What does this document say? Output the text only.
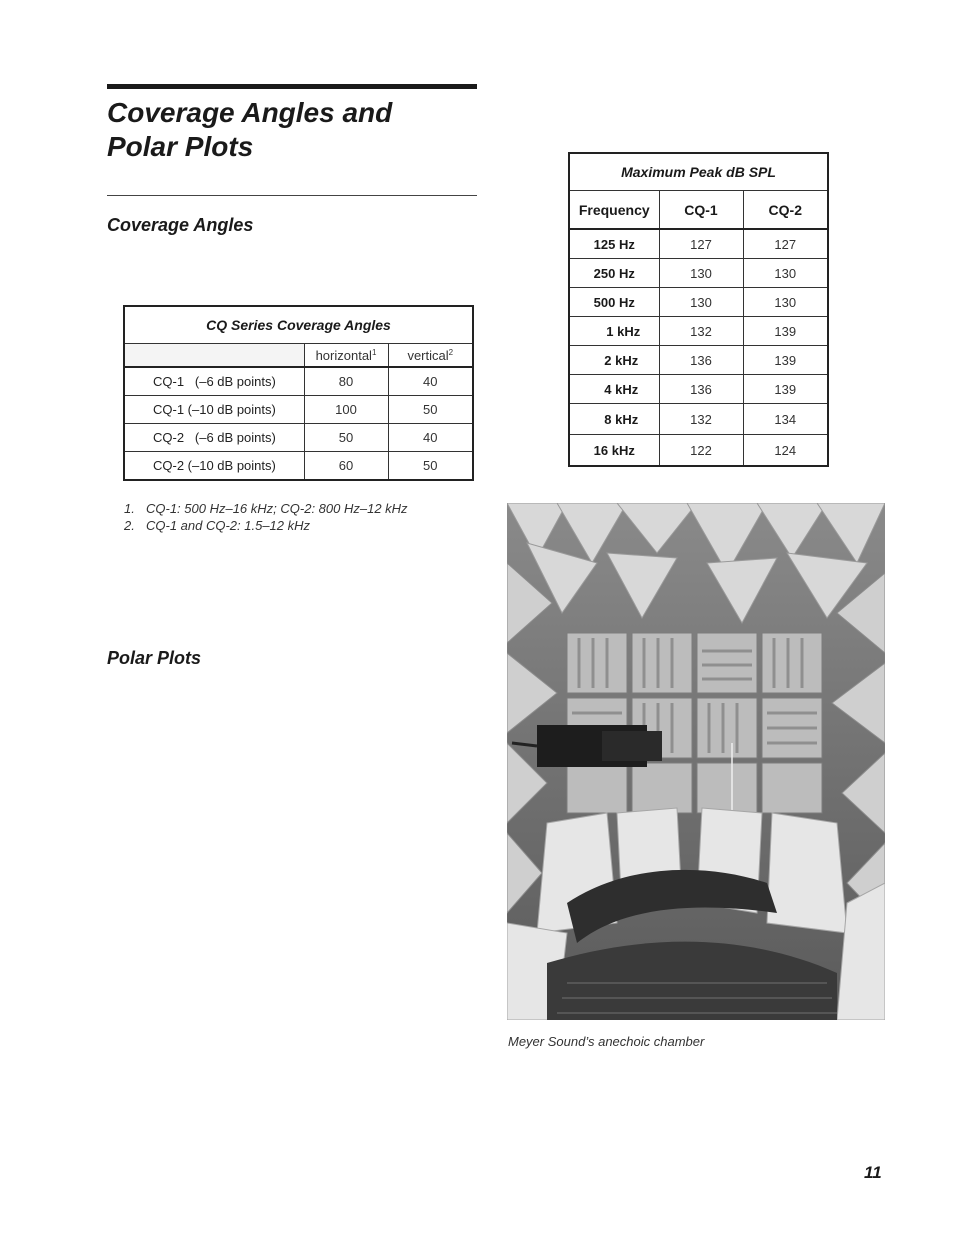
Coverage Angles and
Polar Plots
Coverage Angles
CQ Series Coverage Angles		
	horizontal$^1$	vertical$^2$
CQ-1   (–6 dB points)	80	40
CQ-1 (–10 dB points)	100	50
CQ-2   (–6 dB points)	50	40
CQ-2 (–10 dB points)	60	50
1. CQ-1: 500 Hz–16 kHz; CQ-2: 800 Hz–12 kHz
2. CQ-1 and CQ-2: 1.5–12 kHz
Polar Plots
Maximum Peak dB SPL		
Frequency	CQ-1	CQ-2
125 Hz	127	127
250 Hz	130	130
500 Hz	130	130
1 kHz	132	139
2 kHz	136	139
4 kHz	136	139
8 kHz	132	134
16 kHz	122	124
Meyer Sound’s anechoic chamber
11
